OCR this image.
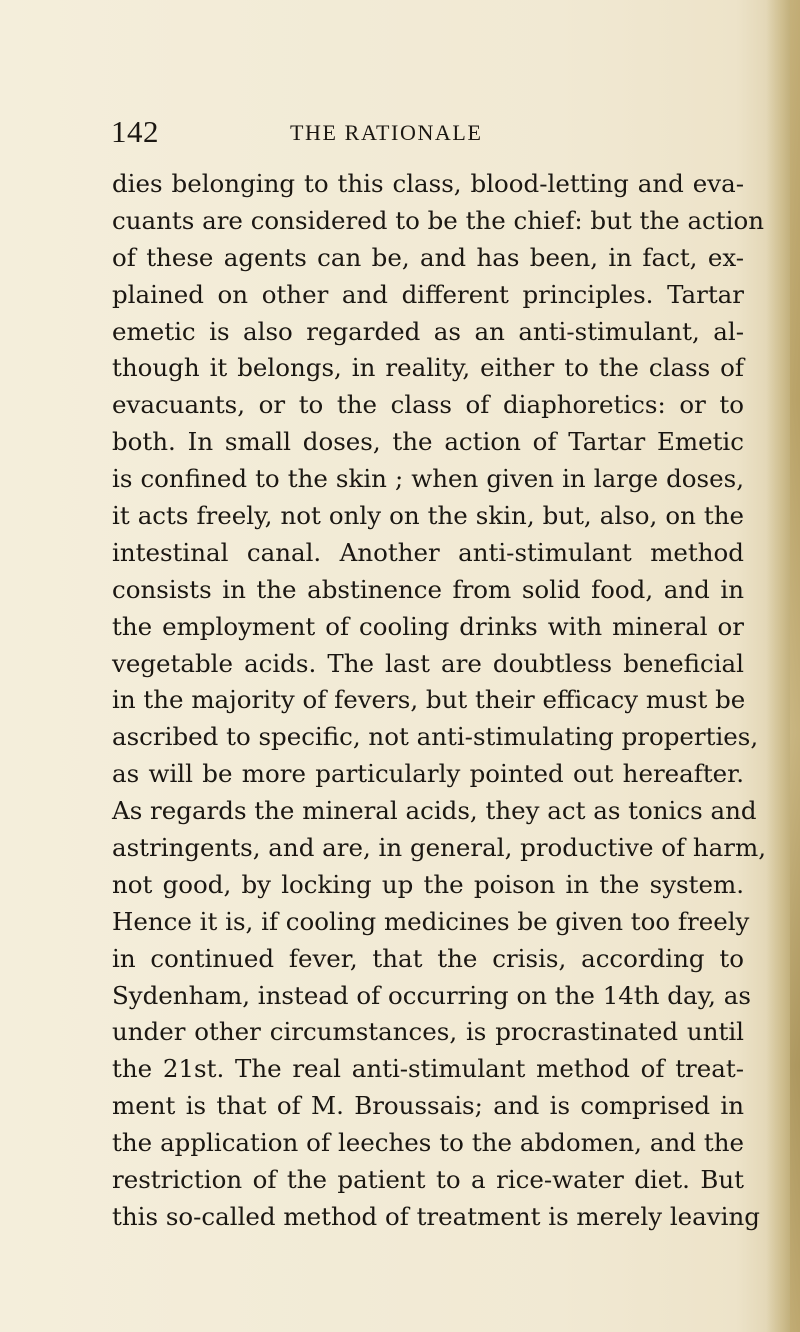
142	THE RATIONALE
dies belonging to this class, blood-letting and eva-
cuants are considered to be the chief: but the action
of these agents can be, and has been, in fact, ex-
plained on other and different principles. Tartar
emetic is also regarded as an anti-stimulant, al-
though it belongs, in reality, either to the class of
evacuants, or to the class of diaphoretics: or to
both. In small doses, the action of Tartar Emetic
is confined to the skin ; when given in large doses,
it acts freely, not only on the skin, but, also, on the
intestinal canal. Another anti-stimulant method
consists in the abstinence from solid food, and in
the employment of cooling drinks with mineral or
vegetable acids. The last are doubtless beneficial
in the majority of fevers, but their efficacy must be
ascribed to specific, not anti-stimulating properties,
as will be more particularly pointed out hereafter.
As regards the mineral acids, they act as tonics and
astringents, and are, in general, productive of harm,
not good, by locking up the poison in the system.
Hence it is, if cooling medicines be given too freely
in continued fever, that the crisis, according to
Sydenham, instead of occurring on the 14th day, as
under other circumstances, is procrastinated until
the 21st. The real anti-stimulant method of treat-
ment is that of M. Broussais; and is comprised in
the application of leeches to the abdomen, and the
restriction of the patient to a rice-water diet. But
this so-called method of treatment is merely leaving
